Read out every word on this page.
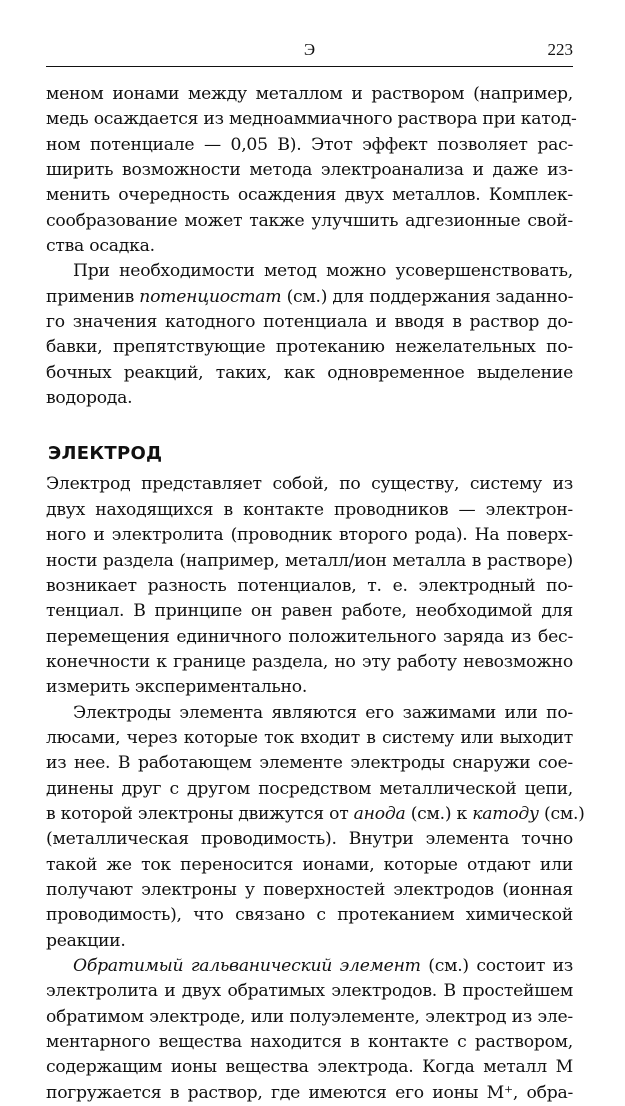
Э	223
меном ионами между металлом и раствором (например,
медь осаждается из медноаммиачного раствора при катод-
ном потенциале — 0,05 В). Этот эффект позволяет рас-
ширить возможности метода электроанализа и даже из-
менить очередность осаждения двух металлов. Комплек-
сообразование может также улучшить адгезионные свой-
ства осадка.
При необходимости метод можно усовершенствовать,
применив потенциостат (см.) для поддержания заданно-
го значения катодного потенциала и вводя в раствор до-
бавки, препятствующие протеканию нежелательных по-
бочных реакций, таких, как одновременное выделение
водорода.
ЭЛЕКТРОД
Электрод представляет собой, по существу, систему из
двух находящихся в контакте проводников — электрон-
ного и электролита (проводник второго рода). На поверх-
ности раздела (например, металл/ион металла в растворе)
возникает разность потенциалов, т. е. электродный по-
тенциал. В принципе он равен работе, необходимой для
перемещения единичного положительного заряда из бес-
конечности к границе раздела, но эту работу невозможно
измерить экспериментально.
Электроды элемента являются его зажимами или по-
люсами, через которые ток входит в систему или выходит
из нее. В работающем элементе электроды снаружи сое-
динены друг с другом посредством металлической цепи,
в которой электроны движутся от анода (см.) к катоду (см.)
(металлическая проводимость). Внутри элемента точно
такой же ток переносится ионами, которые отдают или
получают электроны у поверхностей электродов (ионная
проводимость), что связано с протеканием химической
реакции.
Обратимый гальванический элемент (см.) состоит из
электролита и двух обратимых электродов. В простейшем
обратимом электроде, или полуэлементе, электрод из эле-
ментарного вещества находится в контакте с раствором,
содержащим ионы вещества электрода. Когда металл М
погружается в раствор, где имеются его ионы М⁺, обра-
